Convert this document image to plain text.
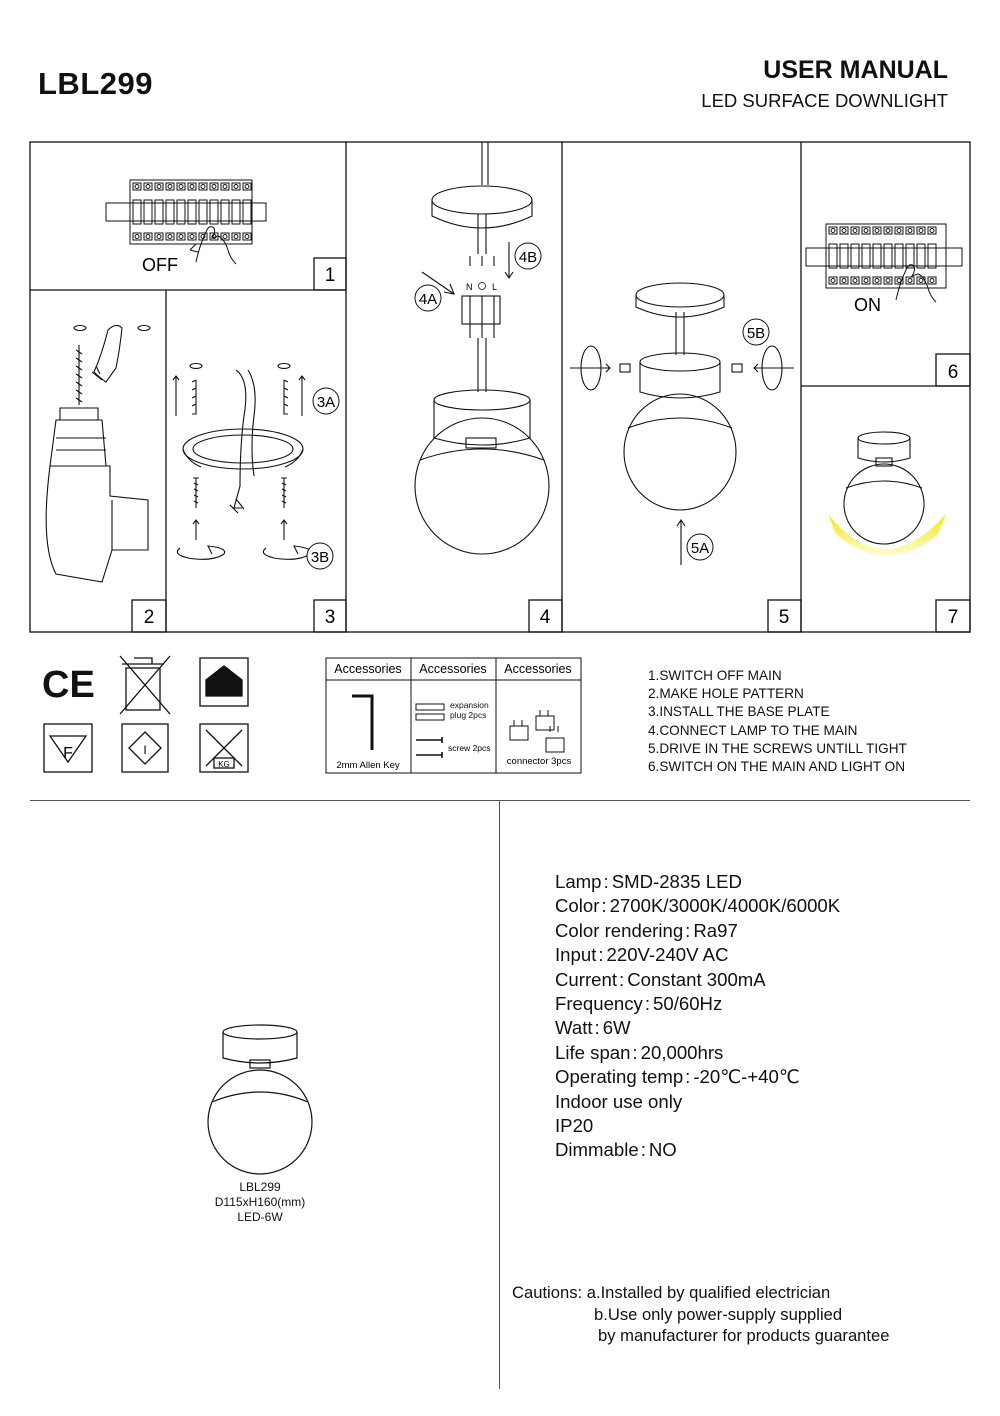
LBL299	USER MANUAL
LED SURFACE DOWNLIGHT
OFF	1
2
3A
3B
3
N L
4A
4B
4
5B
5A
5
ON
6
7
CE
F	I
KG
Accessories Accessories Accessories
2mm Allen Key
expansion plug 2pcs
screw 2pcs
connector 3pcs
1.SWITCH OFF MAIN
2.MAKE HOLE PATTERN
3.INSTALL THE BASE PLATE
4.CONNECT LAMP TO THE MAIN
5.DRIVE IN THE SCREWS UNTILL TIGHT
6.SWITCH ON THE MAIN AND LIGHT ON
LBL299
D115xH160(mm)
LED-6W
Lamp : SMD-2835 LED
Color : 2700K/3000K/4000K/6000K
Color rendering : Ra97
Input : 220V-240V AC
Current : Constant 300mA
Frequency : 50/60Hz
Watt : 6W
Life span : 20,000hrs
Operating temp : -20℃-+40℃
Indoor use only
IP20
Dimmable : NO
Cautions: a.Installed by qualified electrician
b.Use only power-supply supplied
by manufacturer for products guarantee
